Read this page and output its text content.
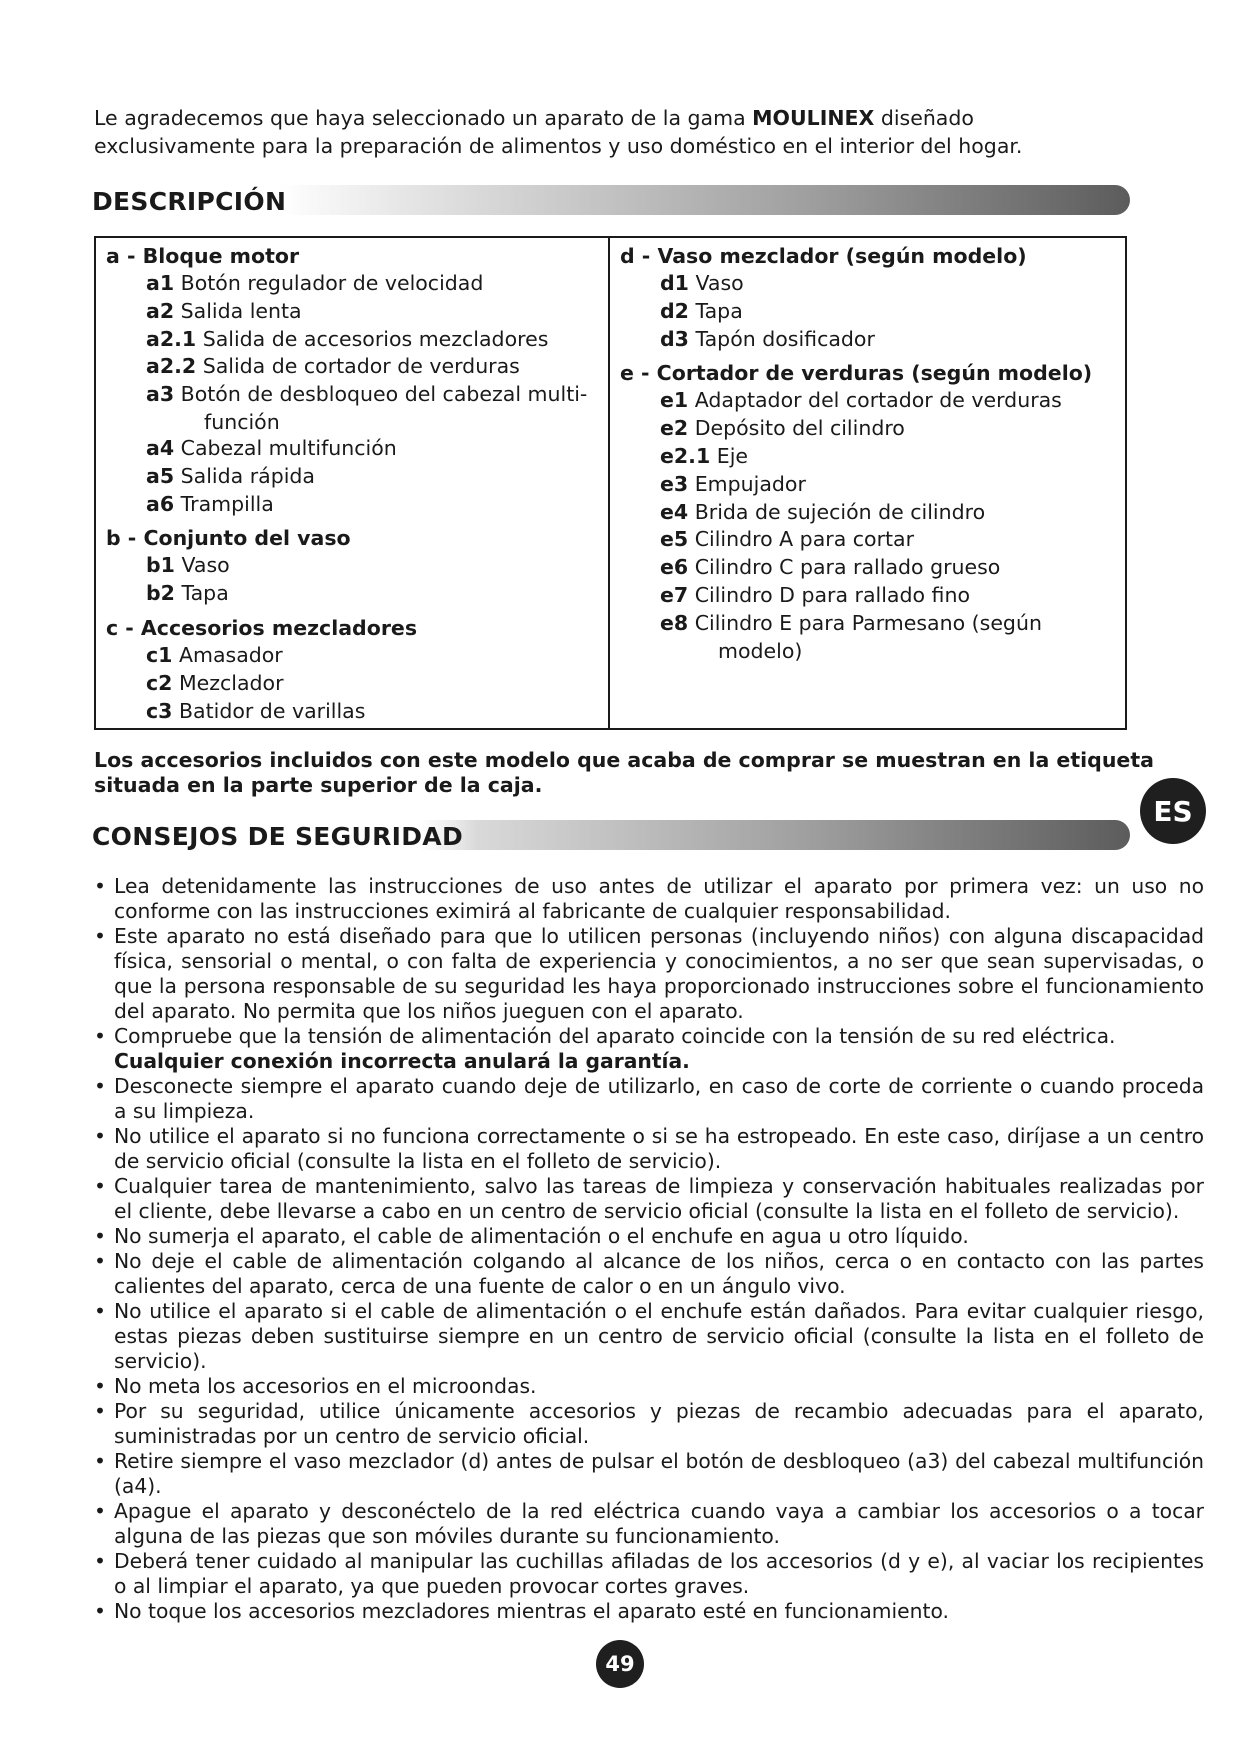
Le agradecemos que haya seleccionado un aparato de la gama MOULINEX diseñado exclusivamente para la preparación de alimentos y uso doméstico en el interior del hogar.

DESCRIPCIÓN
a - Bloque motor
a1 Botón regulador de velocidad
a2 Salida lenta
a2.1 Salida de accesorios mezcladores
a2.2 Salida de cortador de verduras
a3 Botón de desbloqueo del cabezal multi-
función
a4 Cabezal multifunción
a5 Salida rápida
a6 Trampilla
b - Conjunto del vaso
b1 Vaso
b2 Tapa
c - Accesorios mezcladores
c1 Amasador
c2 Mezclador
c3 Batidor de varillas
d - Vaso mezclador (según modelo)
d1 Vaso
d2 Tapa
d3 Tapón dosificador
e - Cortador de verduras (según modelo)
e1 Adaptador del cortador de verduras
e2 Depósito del cilindro
e2.1 Eje
e3 Empujador
e4 Brida de sujeción de cilindro
e5 Cilindro A para cortar
e6 Cilindro C para rallado grueso
e7 Cilindro D para rallado fino
e8 Cilindro E para Parmesano (según
modelo)

Los accesorios incluidos con este modelo que acaba de comprar se muestran en la etiqueta situada en la parte superior de la caja.

ES
CONSEJOS DE SEGURIDAD
• Lea detenidamente las instrucciones de uso antes de utilizar el aparato por primera vez: un uso no conforme con las instrucciones eximirá al fabricante de cualquier responsabilidad.
• Este aparato no está diseñado para que lo utilicen personas (incluyendo niños) con alguna discapacidad física, sensorial o mental, o con falta de experiencia y conocimientos, a no ser que sean supervisadas, o que la persona responsable de su seguridad les haya proporcionado instrucciones sobre el funcionamiento del aparato. No permita que los niños jueguen con el aparato.
• Compruebe que la tensión de alimentación del aparato coincide con la tensión de su red eléctrica.
Cualquier conexión incorrecta anulará la garantía.
• Desconecte siempre el aparato cuando deje de utilizarlo, en caso de corte de corriente o cuando proceda a su limpieza.
• No utilice el aparato si no funciona correctamente o si se ha estropeado. En este caso, diríjase a un centro de servicio oficial (consulte la lista en el folleto de servicio).
• Cualquier tarea de mantenimiento, salvo las tareas de limpieza y conservación habituales realizadas por el cliente, debe llevarse a cabo en un centro de servicio oficial (consulte la lista en el folleto de servicio).
• No sumerja el aparato, el cable de alimentación o el enchufe en agua u otro líquido.
• No deje el cable de alimentación colgando al alcance de los niños, cerca o en contacto con las partes calientes del aparato, cerca de una fuente de calor o en un ángulo vivo.
• No utilice el aparato si el cable de alimentación o el enchufe están dañados. Para evitar cualquier riesgo, estas piezas deben sustituirse siempre en un centro de servicio oficial (consulte la lista en el folleto de servicio).
• No meta los accesorios en el microondas.
• Por su seguridad, utilice únicamente accesorios y piezas de recambio adecuadas para el aparato, suministradas por un centro de servicio oficial.
• Retire siempre el vaso mezclador (d) antes de pulsar el botón de desbloqueo (a3) del cabezal multifunción (a4).
• Apague el aparato y desconéctelo de la red eléctrica cuando vaya a cambiar los accesorios o a tocar alguna de las piezas que son móviles durante su funcionamiento.
• Deberá tener cuidado al manipular las cuchillas afiladas de los accesorios (d y e), al vaciar los recipientes o al limpiar el aparato, ya que pueden provocar cortes graves.
• No toque los accesorios mezcladores mientras el aparato esté en funcionamiento.
49
